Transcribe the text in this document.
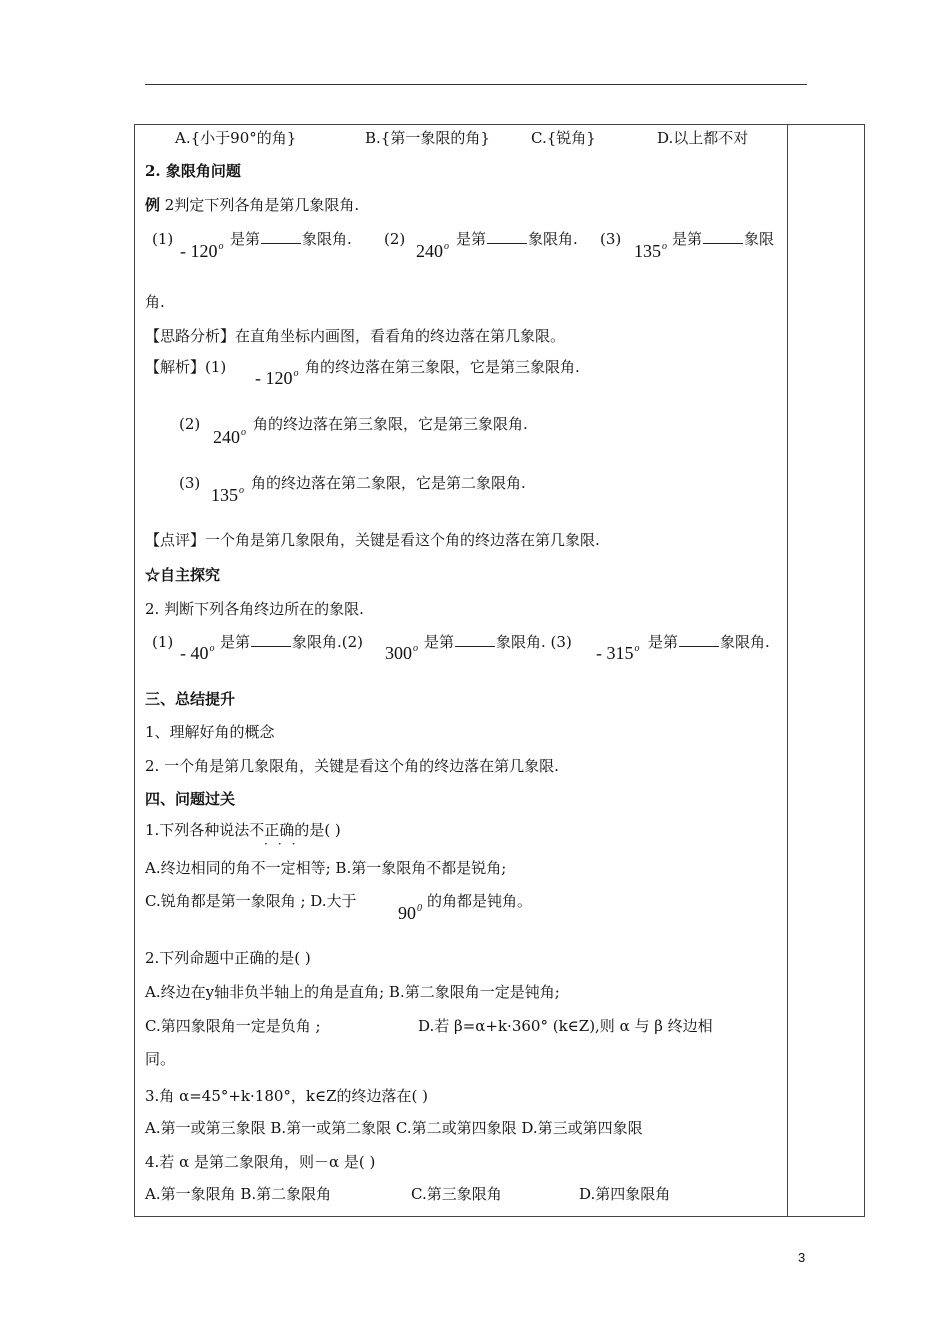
A.{小于90°的角}	B.{第一象限的角}	C.{锐角}	D.以上都不对
2. 象限角问题
例 2判定下列各角是第几象限角.
(1)
- 120$^o$ 是第	象限角. (2)
240$^o$ 是第	象限角. (3)
135$^o$ 是第	象限
角.
【思路分析】在直角坐标内画图，看看角的终边落在第几象限。
【解析】(1)
- 120$^o$ 角的终边落在第三象限，它是第三象限角.
(2)
240$^o$ 角的终边落在第三象限，它是第三象限角.
(3)
135$^o$ 角的终边落在第二象限，它是第二象限角.
【点评】一个角是第几象限角，关键是看这个角的终边落在第几象限.
☆自主探究
2. 判断下列各角终边所在的象限.
(1)
- 40$^o$ 是第	象限角.(2)
300$^o$ 是第	象限角. (3)
- 315$^o$ 是第	象限角.
三、总结提升
1、理解好角的概念
2. 一个角是第几象限角，关键是看这个角的终边落在第几象限.
四、问题过关
1.下列各种说法不正确的是( )
···
A.终边相同的角不一定相等; B.第一象限角不都是锐角;
C.锐角都是第一象限角 ; D.大于
$90^0$ 的角都是钝角。
2.下列命题中正确的是( )
A.终边在y轴非负半轴上的角是直角; B.第二象限角一定是钝角;
C.第四象限角一定是负角 ;	D.若 β=α+k·360° (k∈Z),则 α 与 β 终边相
同。
3.角 α=45°+k·180°，k∈Z的终边落在( )
A.第一或第三象限 B.第一或第二象限 C.第二或第四象限 D.第三或第四象限
4.若 α 是第二象限角，则－α 是( )
A.第一象限角 B.第二象限角	C.第三象限角	D.第四象限角
3
